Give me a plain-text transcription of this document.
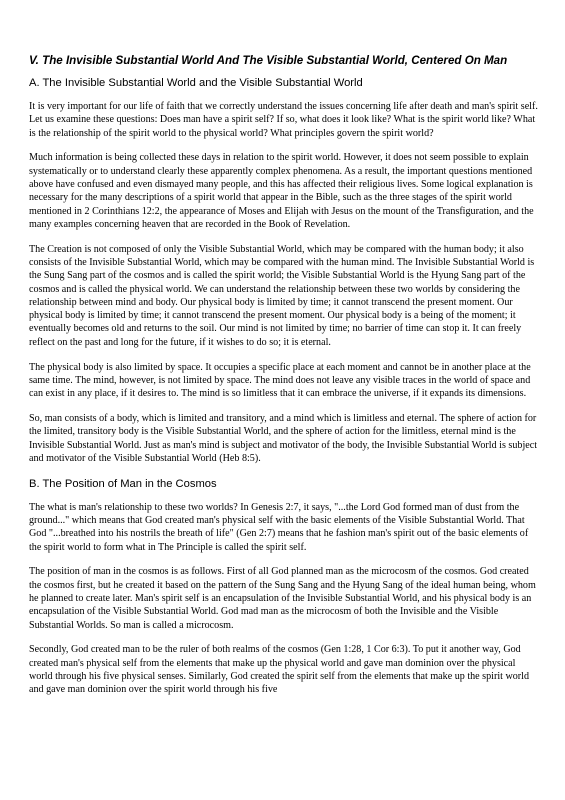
V. The Invisible Substantial World And The Visible Substantial World, Centered On Man
A. The Invisible Substantial World and the Visible Substantial World

It is very important for our life of faith that we correctly understand the issues concerning life after death and man's spirit self. Let us examine these questions: Does man have a spirit self? If so, what does it look like? What is the spirit world like? What is the relationship of the spirit world to the physical world? What principles govern the spirit world?

Much information is being collected these days in relation to the spirit world. However, it does not seem possible to explain systematically or to understand clearly these apparently complex phenomena. As a result, the important questions mentioned above have confused and even dismayed many people, and this has affected their religious lives. Some logical explanation is necessary for the many descriptions of a spirit world that appear in the Bible, such as the three stages of the spirit world mentioned in 2 Corinthians 12:2, the appearance of Moses and Elijah with Jesus on the mount of the Transfiguration, and the many examples concerning heaven that are recorded in the Book of Revelation.

The Creation is not composed of only the Visible Substantial World, which may be compared with the human body; it also consists of the Invisible Substantial World, which may be compared with the human mind. The Invisible Substantial World is the Sung Sang part of the cosmos and is called the spirit world; the Visible Substantial World is the Hyung Sang part of the cosmos and is called the physical world. We can understand the relationship between these two worlds by considering the relationship between mind and body. Our physical body is limited by time; it cannot transcend the present moment. Our physical body is limited by time; it cannot transcend the present moment. Our physical body is a being of the moment; it eventually becomes old and returns to the soil. Our mind is not limited by time; no barrier of time can stop it. It can freely reflect on the past and long for the future, if it wishes to do so; it is eternal.

The physical body is also limited by space. It occupies a specific place at each moment and cannot be in another place at the same time. The mind, however, is not limited by space. The mind does not leave any visible traces in the world of space and can exist in any place, if it desires to. The mind is so limitless that it can embrace the universe, if it expands its dimensions.

So, man consists of a body, which is limited and transitory, and a mind which is limitless and eternal. The sphere of action for the limited, transitory body is the Visible Substantial World, and the sphere of action for the limitless, eternal mind is the Invisible Substantial World. Just as man's mind is subject and motivator of the body, the Invisible Substantial World is subject and motivator of the Visible Substantial World (Heb 8:5).

B. The Position of Man in the Cosmos

The what is man's relationship to these two worlds? In Genesis 2:7, it says, "...the Lord God formed man of dust from the ground..." which means that God created man's physical self with the basic elements of the Visible Substantial World. That God "...breathed into his nostrils the breath of life" (Gen 2:7) means that he fashion man's spirit out of the basic elements of the spirit world to form what in The Principle is called the spirit self.

The position of man in the cosmos is as follows. First of all God planned man as the microcosm of the cosmos. God created the cosmos first, but he created it based on the pattern of the Sung Sang and the Hyung Sang of the ideal human being, whom he planned to create later. Man's spirit self is an encapsulation of the Invisible Substantial World, and his physical body is an encapsulation of the Visible Substantial World. God mad man as the microcosm of both the Invisible and the Visible Substantial Worlds. So man is called a microcosm.

Secondly, God created man to be the ruler of both realms of the cosmos (Gen 1:28, 1 Cor 6:3). To put it another way, God created man's physical self from the elements that make up the physical world and gave man dominion over the physical world through his five physical senses. Similarly, God created the spirit self from the elements that make up the spirit world and gave man dominion over the spirit world through his five
